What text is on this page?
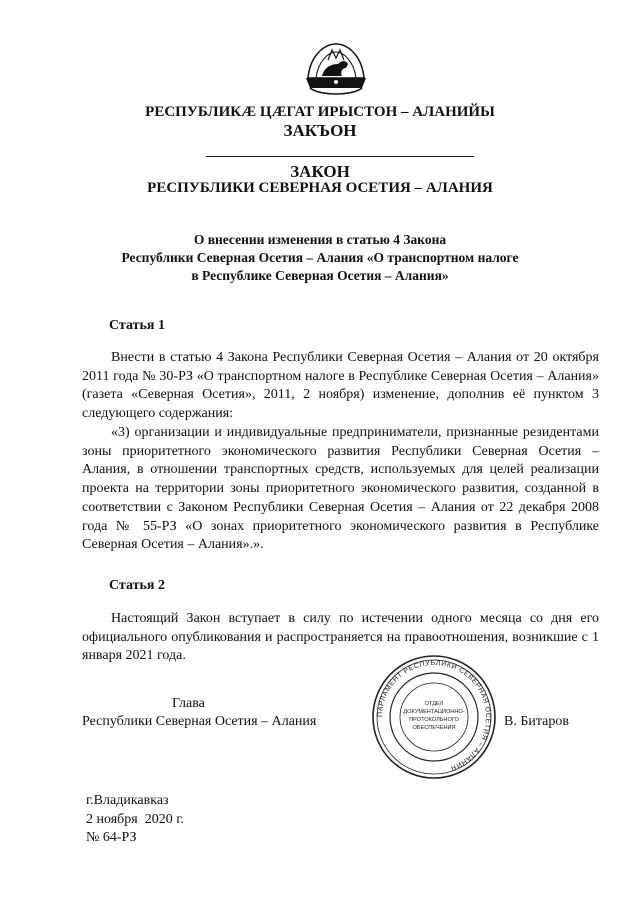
РЕСПУБЛИКӔ ЦӔГАТ ИРЫСТОН – АЛАНИЙЫ
ЗАКЪОН
ЗАКОН
РЕСПУБЛИКИ СЕВЕРНАЯ ОСЕТИЯ – АЛАНИЯ
О внесении изменения в статью 4 Закона
Республики Северная Осетия – Алания «О транспортном налоге
в Республике Северная Осетия – Алания»
Статья 1
Внести в статью 4 Закона Республики Северная Осетия – Алания от 20 октября 2011 года № 30-РЗ «О транспортном налоге в Республике Северная Осетия – Алания» (газета «Северная Осетия», 2011, 2 ноября) изменение, дополнив её пунктом 3 следующего содержания:
«3) организации и индивидуальные предприниматели, признанные резидентами зоны приоритетного экономического развития Республики Северная Осетия – Алания, в отношении транспортных средств, используемых для целей реализации проекта на территории зоны приоритетного экономического развития, созданной в соответствии с Законом Республики Северная Осетия – Алания от 22 декабря 2008 года № 55-РЗ «О зонах приоритетного экономического развития в Республике Северная Осетия – Алания».».
Статья 2
Настоящий Закон вступает в силу по истечении одного месяца со дня его официального опубликования и распространяется на правоотношения, возникшие с 1 января 2021 года.
Глава
Республики Северная Осетия – Алания	В. Битаров
ПАРЛАМЕНТ РЕСПУБЛИКИ СЕВЕРНАЯ ОСЕТИЯ – АЛАНИЯ
ОТДЕЛ
ДОКУМЕНТАЦИОННО-
ПРОТОКОЛЬНОГО
ОБЕСПЕЧЕНИЯ
г.Владикавказ
2 ноября  2020 г.
№ 64-РЗ
